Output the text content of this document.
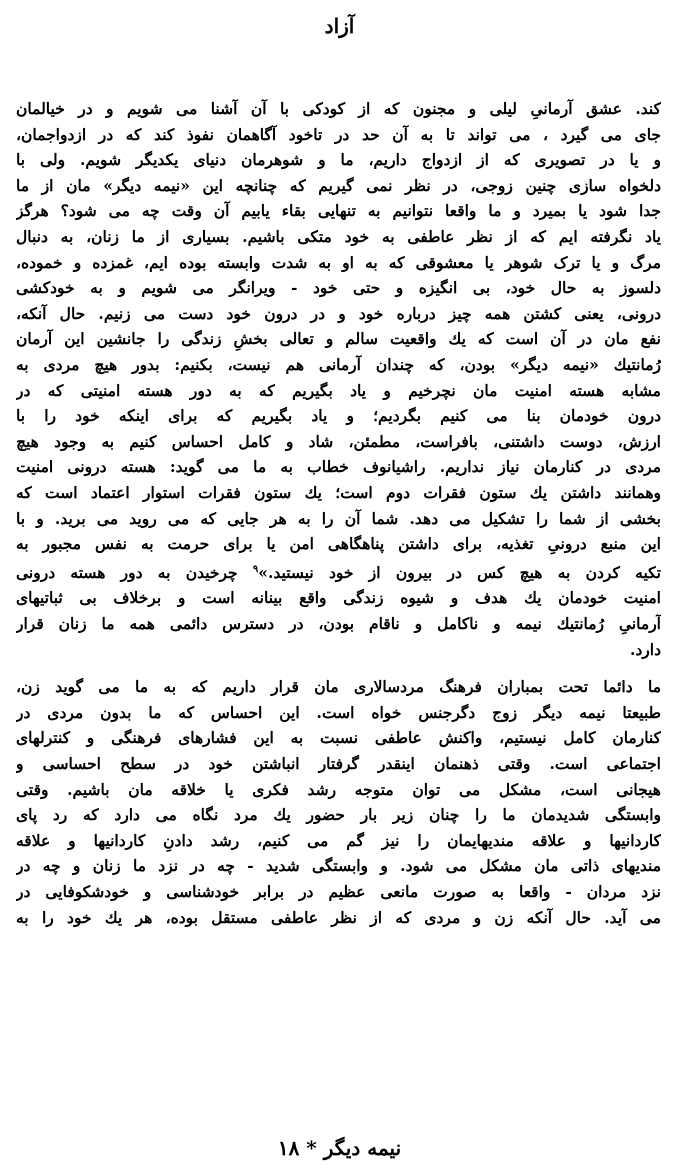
آزاد
کند. عشق آرمانیِ لیلی و مجنون که از کودکی با آن آشنا می شویم و در خیالمان
جای می گیرد ، می تواند تا به آن حد در تاخود آگاهمان نفوذ کند که در ازدواجمان،
و یا در تصویری که از ازدواج داریم، ما و شوهرمان دنیای یکدیگر شویم. ولی با
دلخواه سازی چنین زوجی، در نظر نمی گیریم که چنانچه این «نیمه دیگر» مان از ما
جدا شود یا بمیرد و ما واقعا نتوانیم به تنهایی بقاء یابیم آن وقت چه می شود؟ هرگز
یاد نگرفته ایم که از نظر عاطفی به خود متکی باشیم. بسیاری از ما زنان، به دنبال
مرگ و یا ترک شوهر یا معشوقی که به او به شدت وابسته بوده ایم، غمزده و خموده،
دلسوز به حال خود، بی انگیزه و حتی خود - ویرانگر می شویم و به خودکشی
درونی، یعنی کشتن همه چیز درباره خود و در درون خود دست می زنیم. حال آنکه،
نفع مان در آن است که یك واقعیت سالم و تعالی بخشِ زندگی را جانشین این آرمان
رُمانتیك «نیمه دیگر» بودن، که چندان آرمانی هم نیست، بکنیم: بدور هیچ مردی به
مشابه هسته امنیت مان نچرخیم و یاد بگیریم که به دور هسته امنیتی که در
درون خودمان بنا می کنیم بگردیم؛ و یاد بگیریم که برای اینکه خود را با
ارزش، دوست داشتنی، بافراست، مطمئن، شاد و کامل احساس کنیم به وجود هیچ
مردی در کنارمان نیاز نداریم. راشیانوف خطاب به ما می گوید: هسته درونی امنیت
وهمانند داشتن يك ستون فقرات دوم است؛ يك ستون فقرات استوار اعتماد است که
بخشی از شما را تشکیل می دهد. شما آن را به هر جایی که می روید می برید. و با
این منبع درونیِ تغذیه، برای داشتن پناهگاهی امن یا برای حرمت به نفس مجبور به
تکیه کردن به هیچ کس در بیرون از خود نیستید.»$^۹$ چرخیدن به دور هسته درونی
امنیت خودمان یك هدف و شیوه زندگی واقع بینانه است و برخلاف بی ثباتیهای
آرمانیِ رُمانتیك نیمه و ناکامل و ناقام بودن، در دسترس دائمی همه ما زنان قرار
دارد.
ما دائما تحت بمباران فرهنگ مردسالاری مان قرار داریم که به ما می گوید زن،
طبیعتا نیمه دیگر زوج دگرجنس خواه است. این احساس که ما بدون مردی در
کنارمان کامل نیستیم، واکنش عاطفی نسبت به این فشارهای فرهنگی و کنترلهای
اجتماعی است. وقتی ذهنمان اینقدر گرفتار انباشتن خود در سطح احساسی و
هیجانی است، مشکل می توان متوجه رشد فکری یا خلاقه مان باشیم. وقتی
وابستگی شدیدمان ما را چنان زیر بار حضور يك مرد نگاه می دارد که رد پای
کاردانیها و علاقه مندیهایمان را نیز گم می کنیم، رشد دادنِ کاردانیها و علاقه
مندیهای ذاتی مان مشکل می شود. و وابستگی شدید - چه در نزد ما زنان و چه در
نزد مردان - واقعا به صورت مانعی عظیم در برابر خودشناسی و خودشکوفایی در
می آید. حال آنکه زن و مردی که از نظر عاطفی مستقل بوده، هر یك خود را به
نیمه دیگر * ۱۸
